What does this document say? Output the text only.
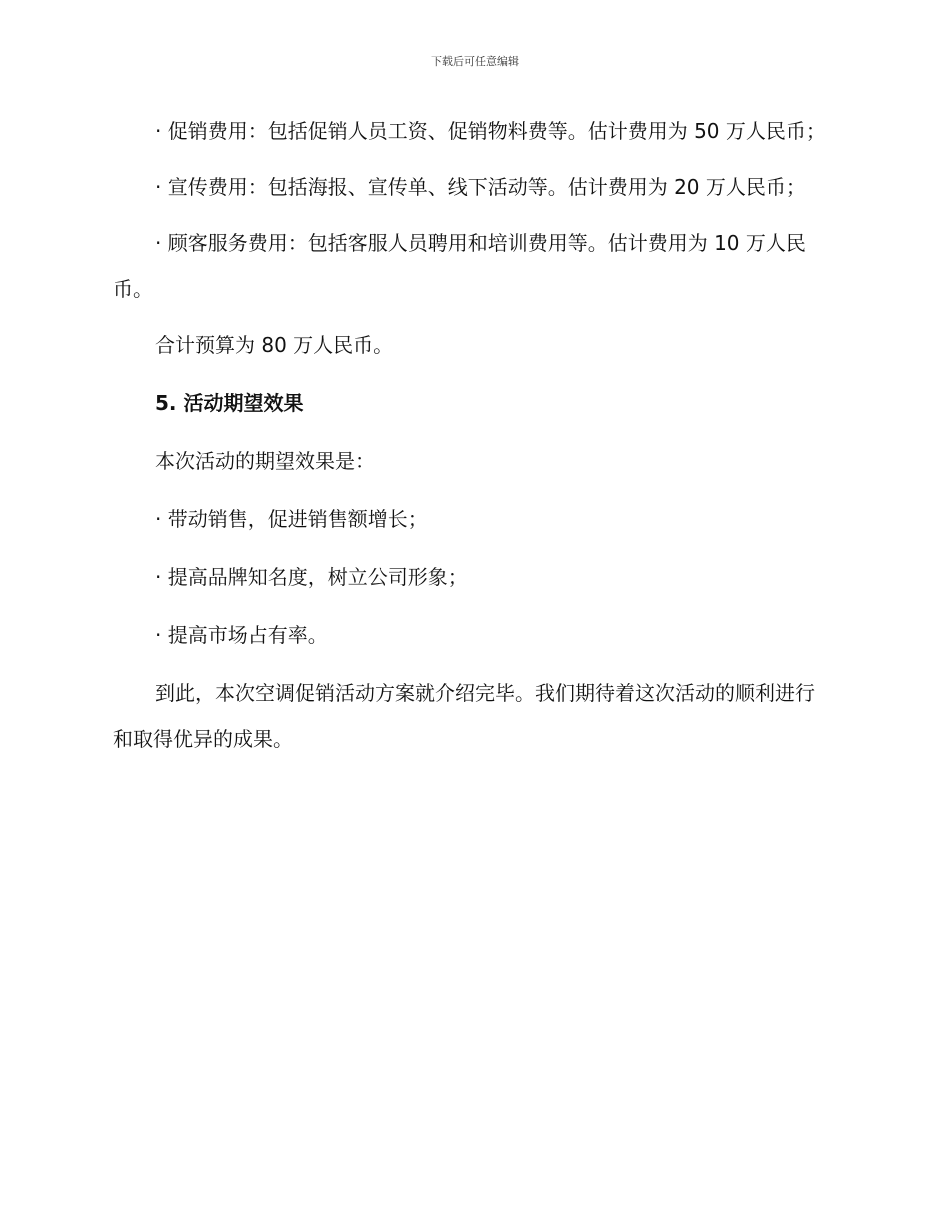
下载后可任意编辑

· 促销费用：包括促销人员工资、促销物料费等。估计费用为 50 万人民币；

· 宣传费用：包括海报、宣传单、线下活动等。估计费用为 20 万人民币；

· 顾客服务费用：包括客服人员聘用和培训费用等。估计费用为 10 万人民币。

合计预算为 80 万人民币。

5. 活动期望效果

本次活动的期望效果是：

· 带动销售，促进销售额增长；

· 提高品牌知名度，树立公司形象；

· 提高市场占有率。

到此，本次空调促销活动方案就介绍完毕。我们期待着这次活动的顺利进行和取得优异的成果。
